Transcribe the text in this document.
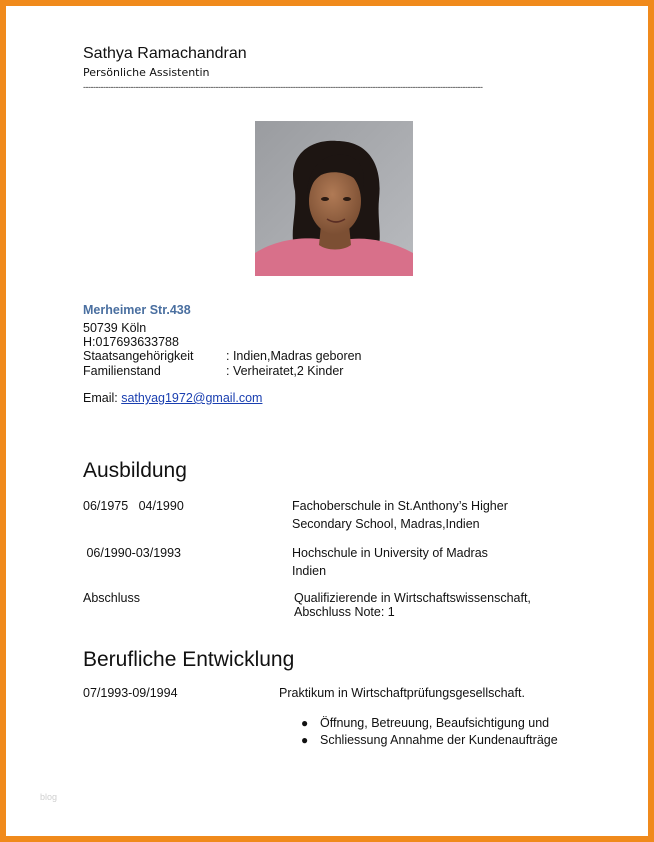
Sathya Ramachandran
Persönliche Assistentin
----------------------------------------------------------------------------------------------------------------------------------------------------------------
Merheimer Str.438
50739 Köln
H:017693633788
Staatsangehörigkeit	: Indien,Madras geboren
Familienstand	: Verheiratet,2 Kinder
Email: sathyag1972@gmail.com
Ausbildung
06/1975   04/1990	Fachoberschule in St.Anthony’s Higher
Secondary School, Madras,Indien
06/1990-03/1993	Hochschule in University of Madras
Indien
Abschluss	Qualifizierende in Wirtschaftswissenschaft,
Abschluss Note: 1
Berufliche Entwicklung
07/1993-09/1994	Praktikum in Wirtschaftprüfungsgesellschaft.
● Öffnung, Betreuung, Beaufsichtigung und
● Schliessung Annahme der Kundenaufträge
blog
